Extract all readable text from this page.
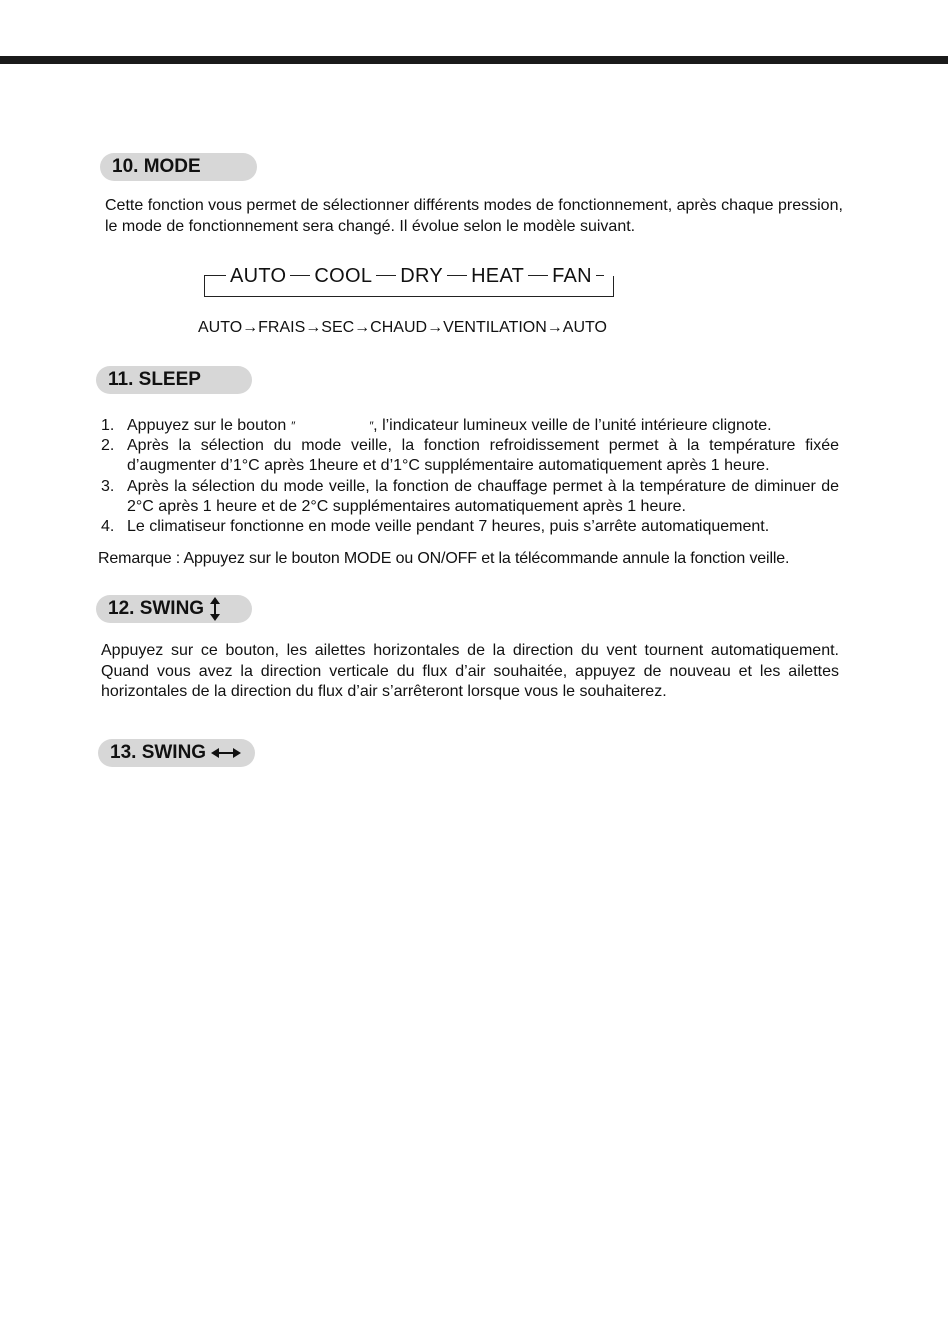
10. MODE

Cette fonction vous permet de sélectionner différents modes de fonctionnement, après chaque pression, le mode de fonctionnement sera changé. Il évolue selon le modèle suivant.

AUTO COOL DRY HEAT FAN
AUTO→FRAIS→SEC→CHAUD→VENTILATION→AUTO
11. SLEEP
1. Appuyez sur le bouton ″	″, l’indicateur lumineux veille de l’unité intérieure clignote.
2. Après la sélection du mode veille, la fonction refroidissement permet à la température fixée d’augmenter d’1°C après 1heure et d’1°C supplémentaire automatiquement après 1 heure.
3. Après la sélection du mode veille, la fonction de chauffage permet à la température de diminuer de 2°C après 1 heure et de 2°C supplémentaires automatiquement après 1 heure.
4. Le climatiseur fonctionne en mode veille pendant 7 heures, puis s’arrête automatiquement.

Remarque : Appuyez sur le bouton MODE ou ON/OFF et la télécommande annule la fonction veille.

12. SWING

Appuyez sur ce bouton, les ailettes horizontales de la direction du vent tournent automatiquement. Quand vous avez la direction verticale du flux d’air souhaitée, appuyez de nouveau et les ailettes horizontales de la direction du flux d’air s’arrêteront lorsque vous le souhaiterez.

13. SWING
